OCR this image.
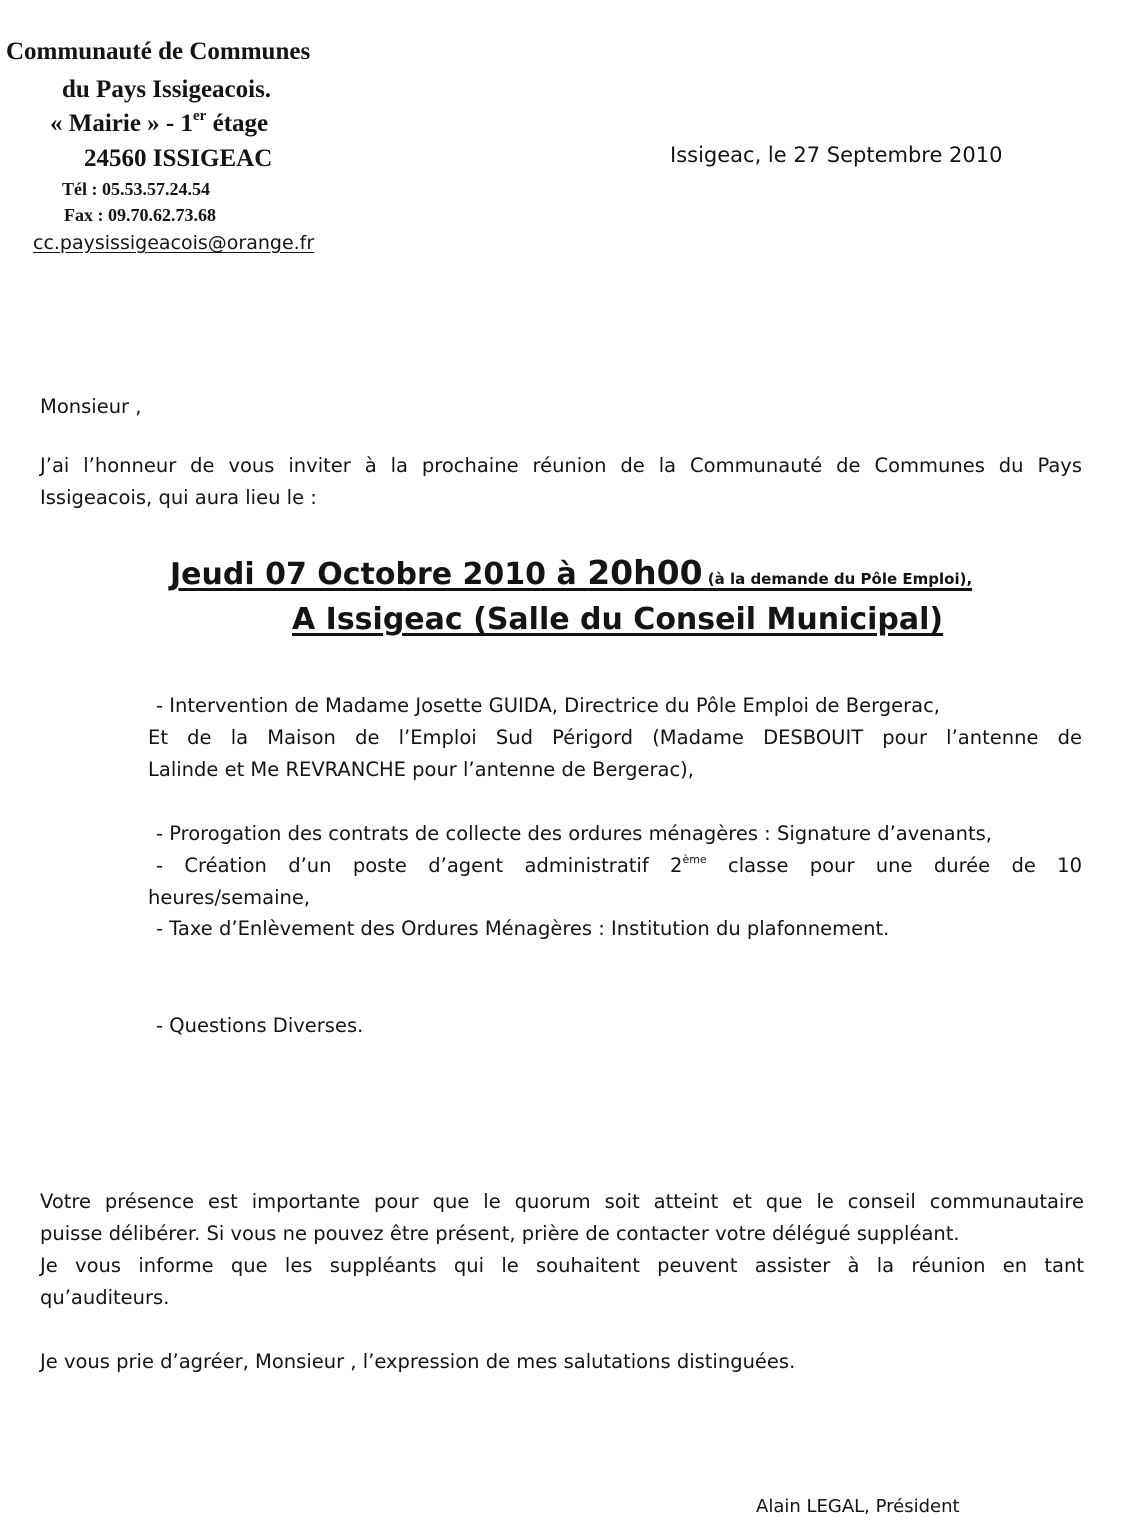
Communauté de Communes
du Pays Issigeacois.
« Mairie » - 1er étage
24560 ISSIGEAC
Tél : 05.53.57.24.54
Fax : 09.70.62.73.68
cc.paysissigeacois@orange.fr
Issigeac, le 27 Septembre 2010
Monsieur ,
J’ai l’honneur de vous inviter à la prochaine réunion de la Communauté de Communes du Pays
Issigeacois, qui aura lieu le :
Jeudi 07 Octobre 2010 à 20h00 (à la demande du Pôle Emploi),
A Issigeac (Salle du Conseil Municipal)
- Intervention de Madame Josette GUIDA, Directrice du Pôle Emploi de Bergerac,
Et de la Maison de l’Emploi Sud Périgord (Madame DESBOUIT pour l’antenne de
Lalinde et Me REVRANCHE pour l’antenne de Bergerac),
- Prorogation des contrats de collecte des ordures ménagères : Signature d’avenants,
- Création d’un poste d’agent administratif 2ème classe pour une durée de 10
heures/semaine,
- Taxe d’Enlèvement des Ordures Ménagères : Institution du plafonnement.
- Questions Diverses.
Votre présence est importante pour que le quorum soit atteint et que le conseil communautaire
puisse délibérer. Si vous ne pouvez être présent, prière de contacter votre délégué suppléant.
Je vous informe que les suppléants qui le souhaitent peuvent assister à la réunion en tant
qu’auditeurs.
Je vous prie d’agréer, Monsieur , l’expression de mes salutations distinguées.
Alain LEGAL, Président
